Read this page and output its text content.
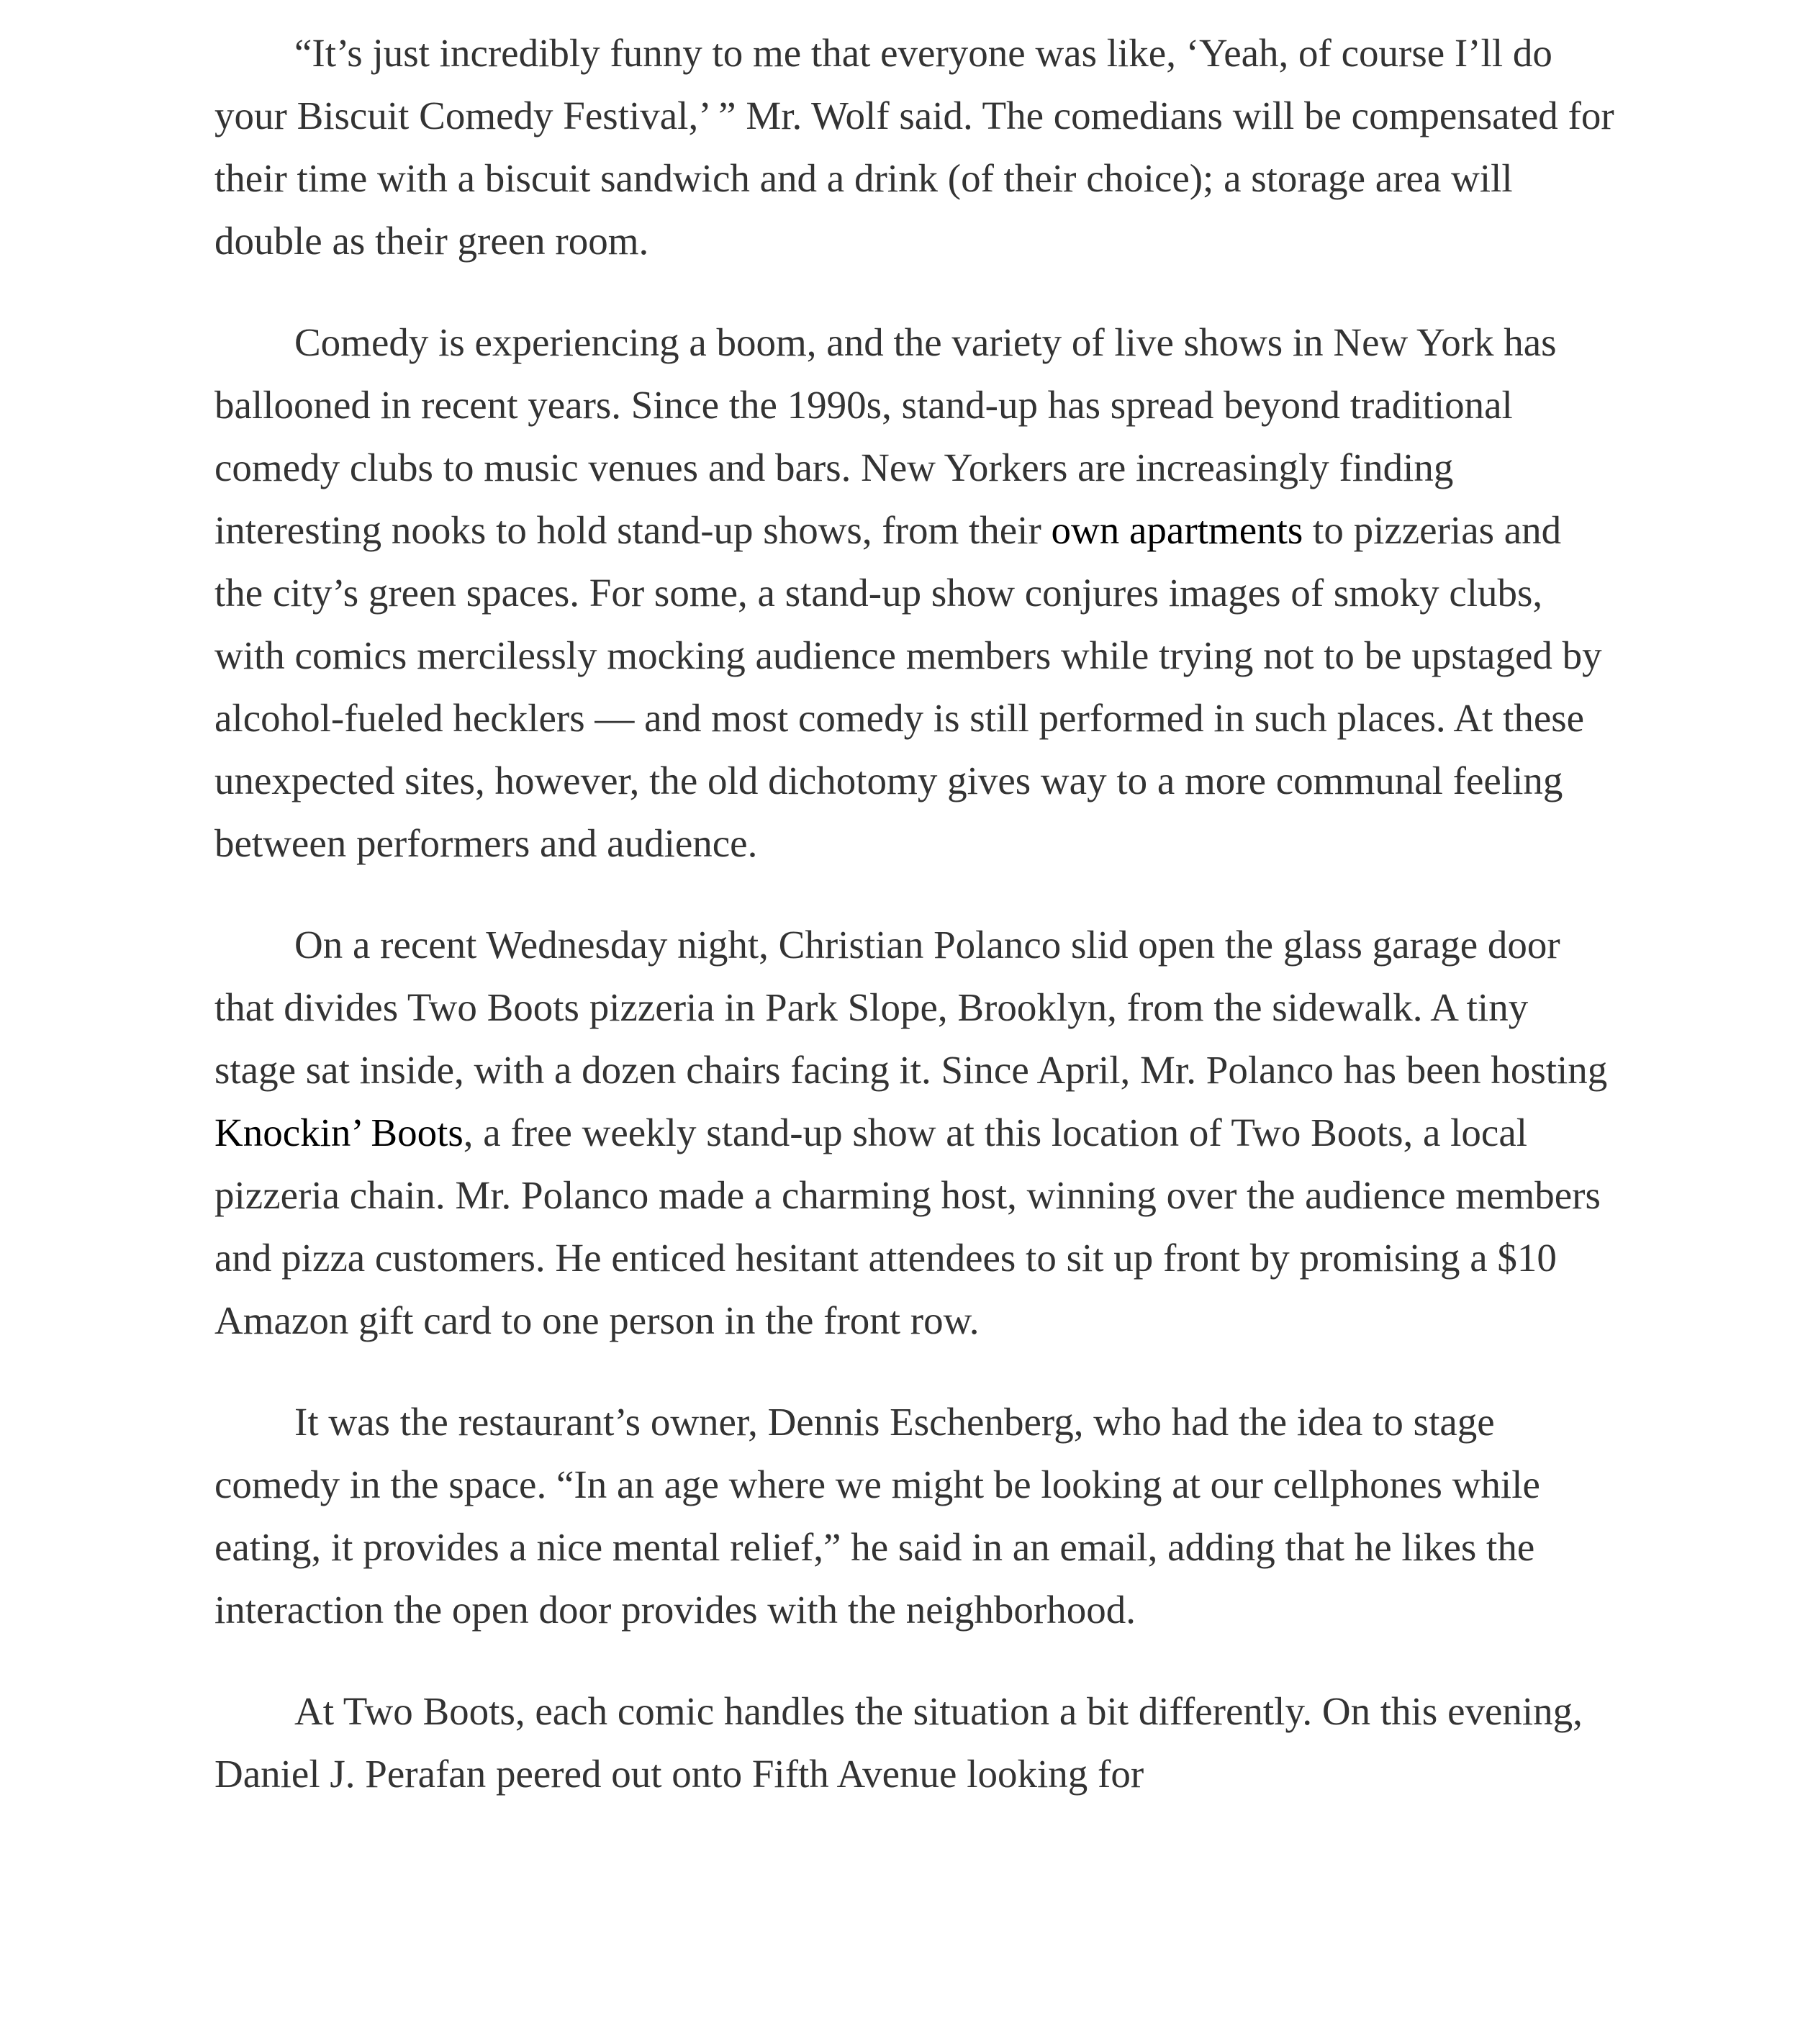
“It’s just incredibly funny to me that everyone was like, ‘Yeah, of course I’ll do your Biscuit Comedy Festival,’ ” Mr. Wolf said. The comedians will be compensated for their time with a biscuit sandwich and a drink (of their choice); a storage area will double as their green room.

Comedy is experiencing a boom, and the variety of live shows in New York has ballooned in recent years. Since the 1990s, stand-up has spread beyond traditional comedy clubs to music venues and bars. New Yorkers are increasingly finding interesting nooks to hold stand-up shows, from their own apartments to pizzerias and the city’s green spaces. For some, a stand-up show conjures images of smoky clubs, with comics mercilessly mocking audience members while trying not to be upstaged by alcohol-fueled hecklers — and most comedy is still performed in such places. At these unexpected sites, however, the old dichotomy gives way to a more communal feeling between performers and audience.

On a recent Wednesday night, Christian Polanco slid open the glass garage door that divides Two Boots pizzeria in Park Slope, Brooklyn, from the sidewalk. A tiny stage sat inside, with a dozen chairs facing it. Since April, Mr. Polanco has been hosting Knockin’ Boots, a free weekly stand-up show at this location of Two Boots, a local pizzeria chain. Mr. Polanco made a charming host, winning over the audience members and pizza customers. He enticed hesitant attendees to sit up front by promising a $10 Amazon gift card to one person in the front row.

It was the restaurant’s owner, Dennis Eschenberg, who had the idea to stage comedy in the space. “In an age where we might be looking at our cellphones while eating, it provides a nice mental relief,” he said in an email, adding that he likes the interaction the open door provides with the neighborhood.

At Two Boots, each comic handles the situation a bit differently. On this evening, Daniel J. Perafan peered out onto Fifth Avenue looking for
